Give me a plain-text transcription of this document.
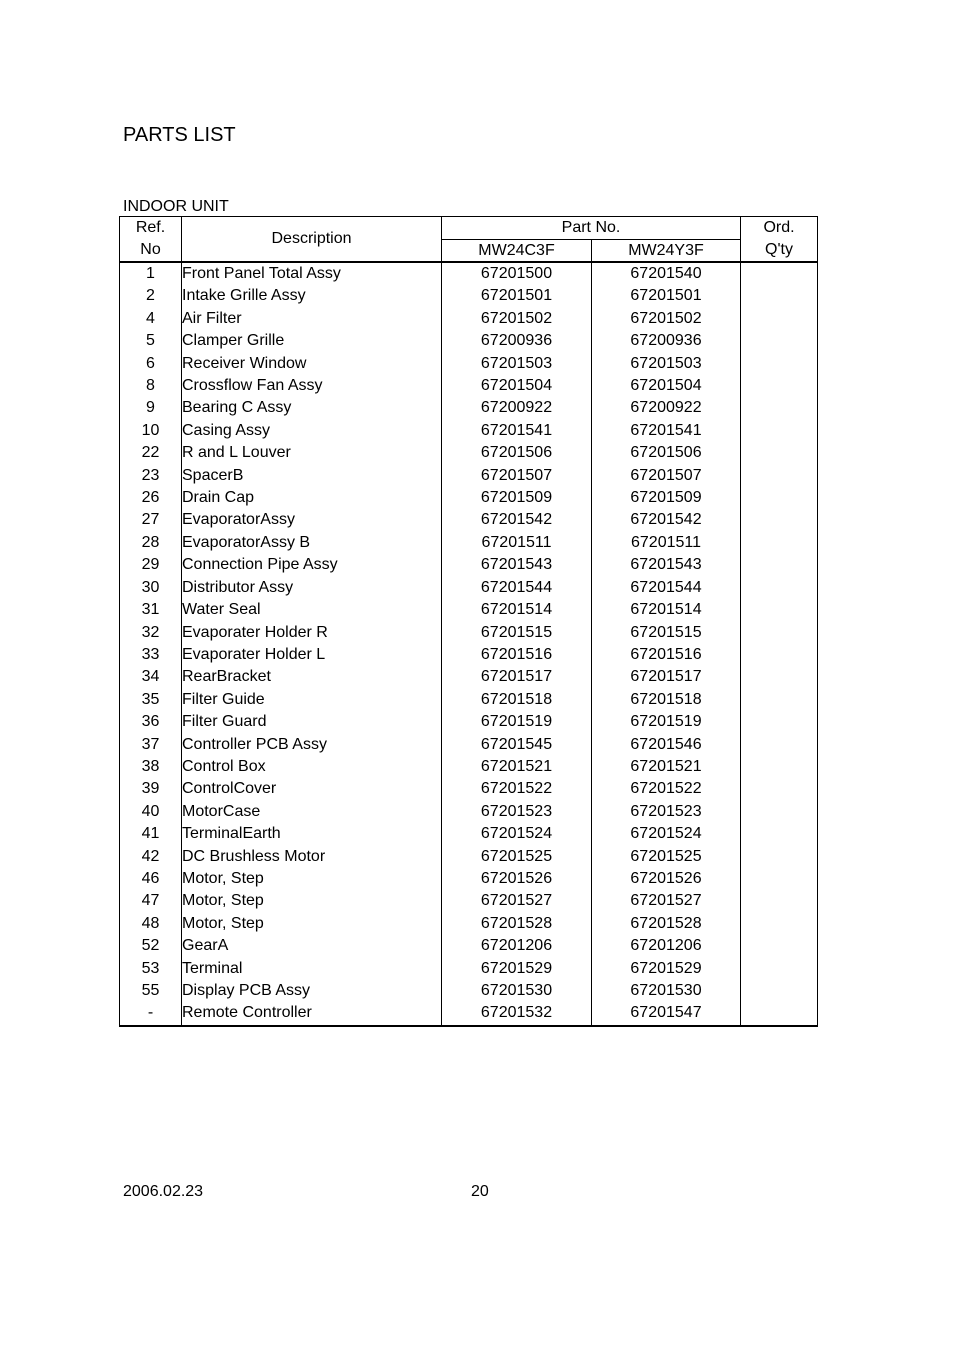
PARTS LIST
INDOOR UNIT
Ref.	Description	Part No.		Ord.
No		MW24C3F	MW24Y3F	Q'ty
1	Front Panel Total Assy	67201500	67201540	
2	Intake Grille Assy	67201501	67201501	
4	Air Filter	67201502	67201502	
5	Clamper Grille	67200936	67200936	
6	Receiver Window	67201503	67201503	
8	Crossflow Fan Assy	67201504	67201504	
9	Bearing C Assy	67200922	67200922	
10	Casing Assy	67201541	67201541	
22	R and L Louver	67201506	67201506	
23	SpacerB	67201507	67201507	
26	Drain Cap	67201509	67201509	
27	EvaporatorAssy	67201542	67201542	
28	EvaporatorAssy B	67201511	67201511	
29	Connection Pipe Assy	67201543	67201543	
30	Distributor Assy	67201544	67201544	
31	Water Seal	67201514	67201514	
32	Evaporater Holder R	67201515	67201515	
33	Evaporater Holder L	67201516	67201516	
34	RearBracket	67201517	67201517	
35	Filter Guide	67201518	67201518	
36	Filter Guard	67201519	67201519	
37	Controller PCB Assy	67201545	67201546	
38	Control Box	67201521	67201521	
39	ControlCover	67201522	67201522	
40	MotorCase	67201523	67201523	
41	TerminalEarth	67201524	67201524	
42	DC Brushless Motor	67201525	67201525	
46	Motor, Step	67201526	67201526	
47	Motor, Step	67201527	67201527	
48	Motor, Step	67201528	67201528	
52	GearA	67201206	67201206	
53	Terminal	67201529	67201529	
55	Display PCB Assy	67201530	67201530	
-	Remote Controller	67201532	67201547	
2006.02.23	20
